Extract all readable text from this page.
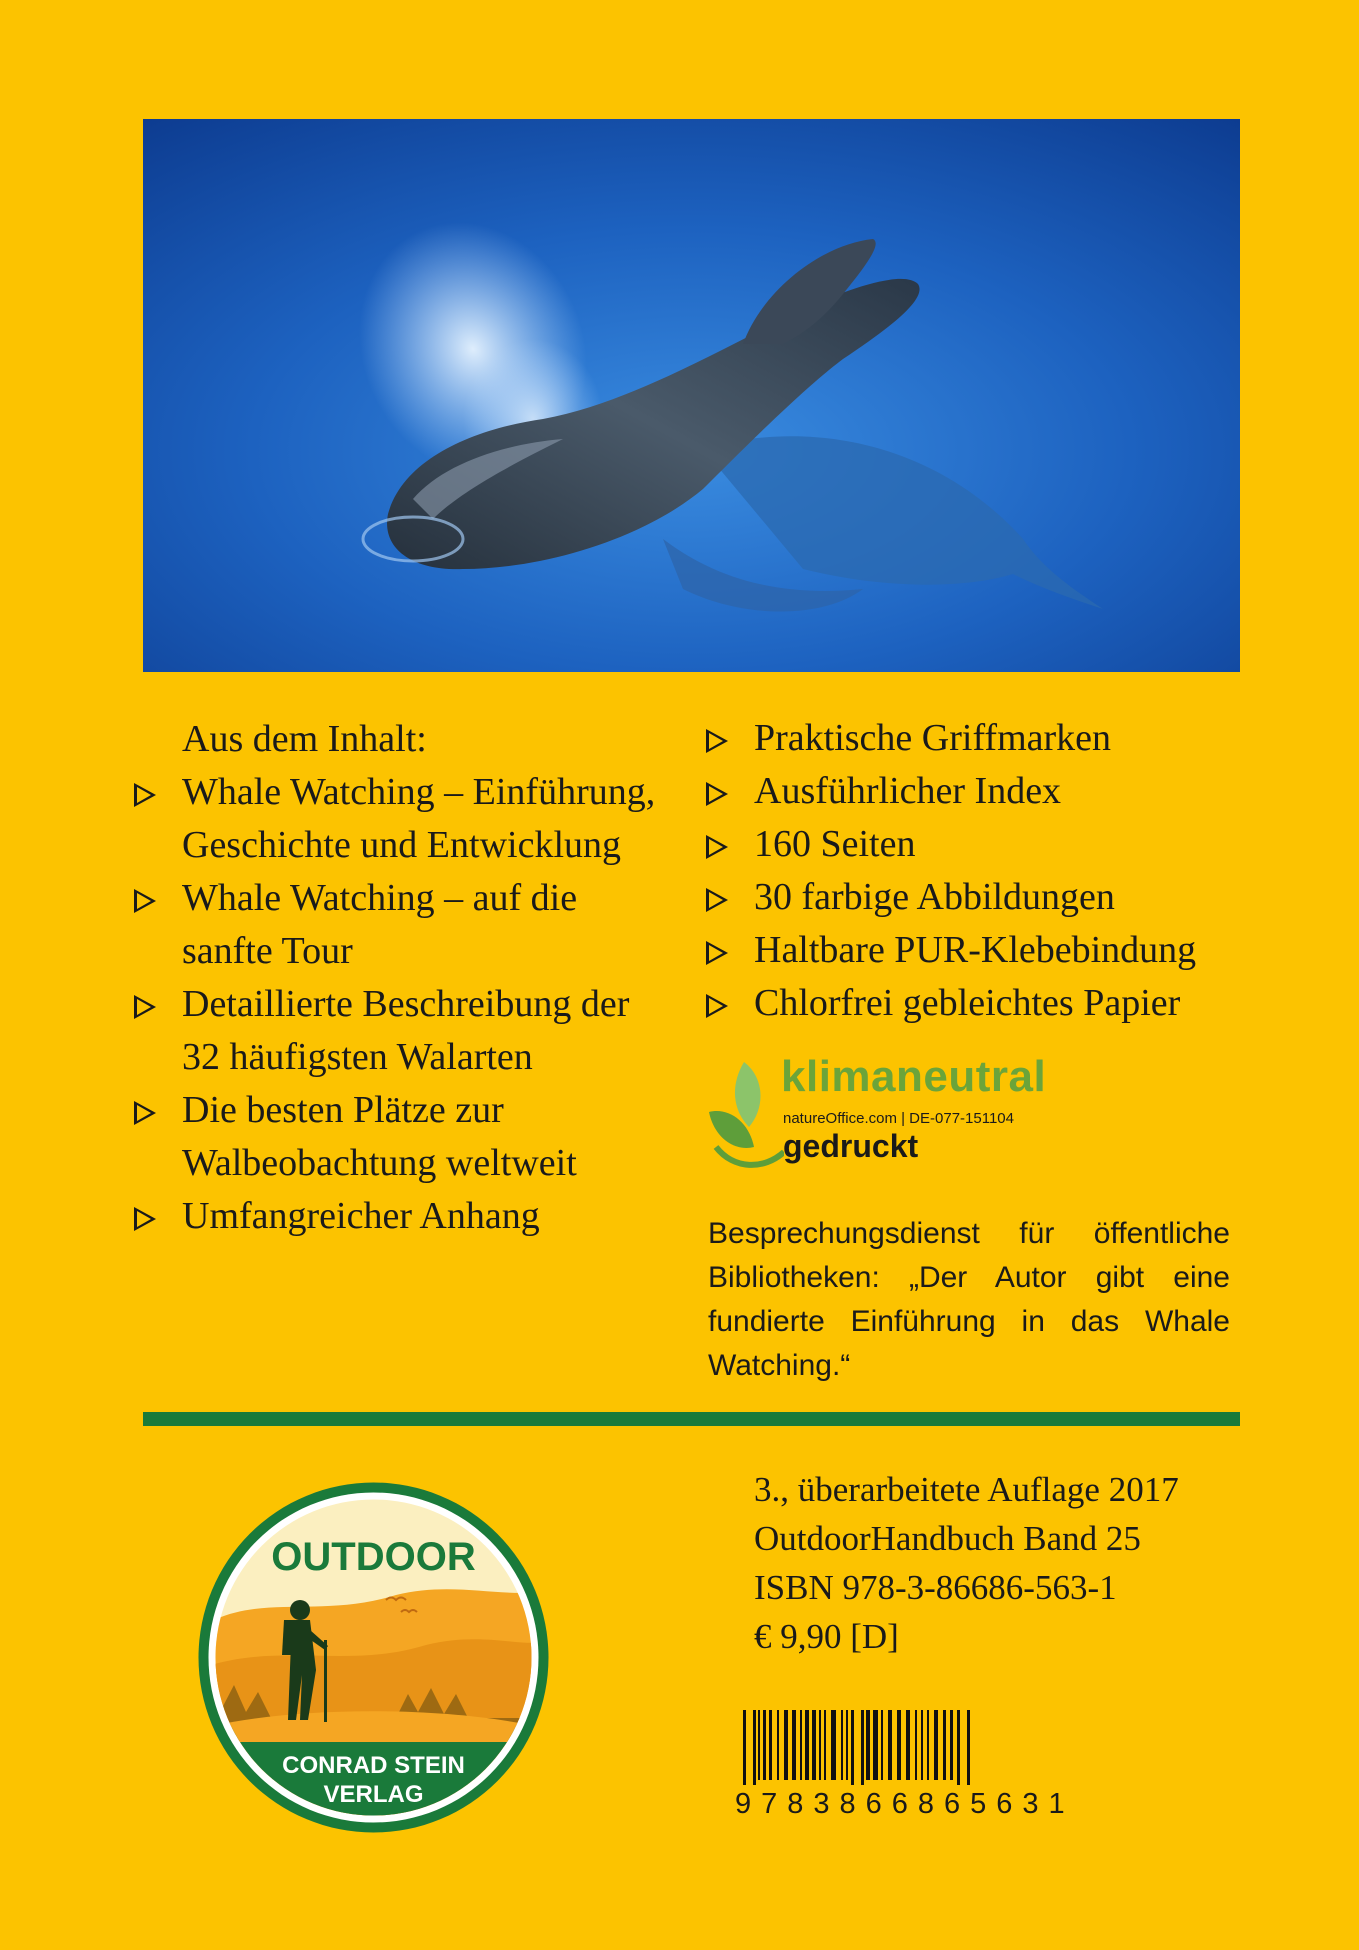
Aus dem Inhalt:
Whale Watching – Einführung,
Geschichte und Entwicklung
Whale Watching – auf die
sanfte Tour
Detaillierte Beschreibung der
32 häufigsten Walarten
Die besten Plätze zur
Walbeobachtung weltweit
Umfangreicher Anhang
Praktische Griffmarken
Ausführlicher Index
160 Seiten
30 farbige Abbildungen
Haltbare PUR-Klebebindung
Chlorfrei gebleichtes Papier
klimaneutral
natureOffice.com | DE-077-151104
gedruckt
Besprechungsdienst für öffentliche Bibliotheken: „Der Autor gibt eine fundierte Einführung in das Whale Watching.“
OUTDOOR
CONRAD STEIN
VERLAG
3., überarbeitete Auflage 2017
OutdoorHandbuch Band 25
ISBN 978-3-86686-563-1
€ 9,90 [D]
9783866865631
